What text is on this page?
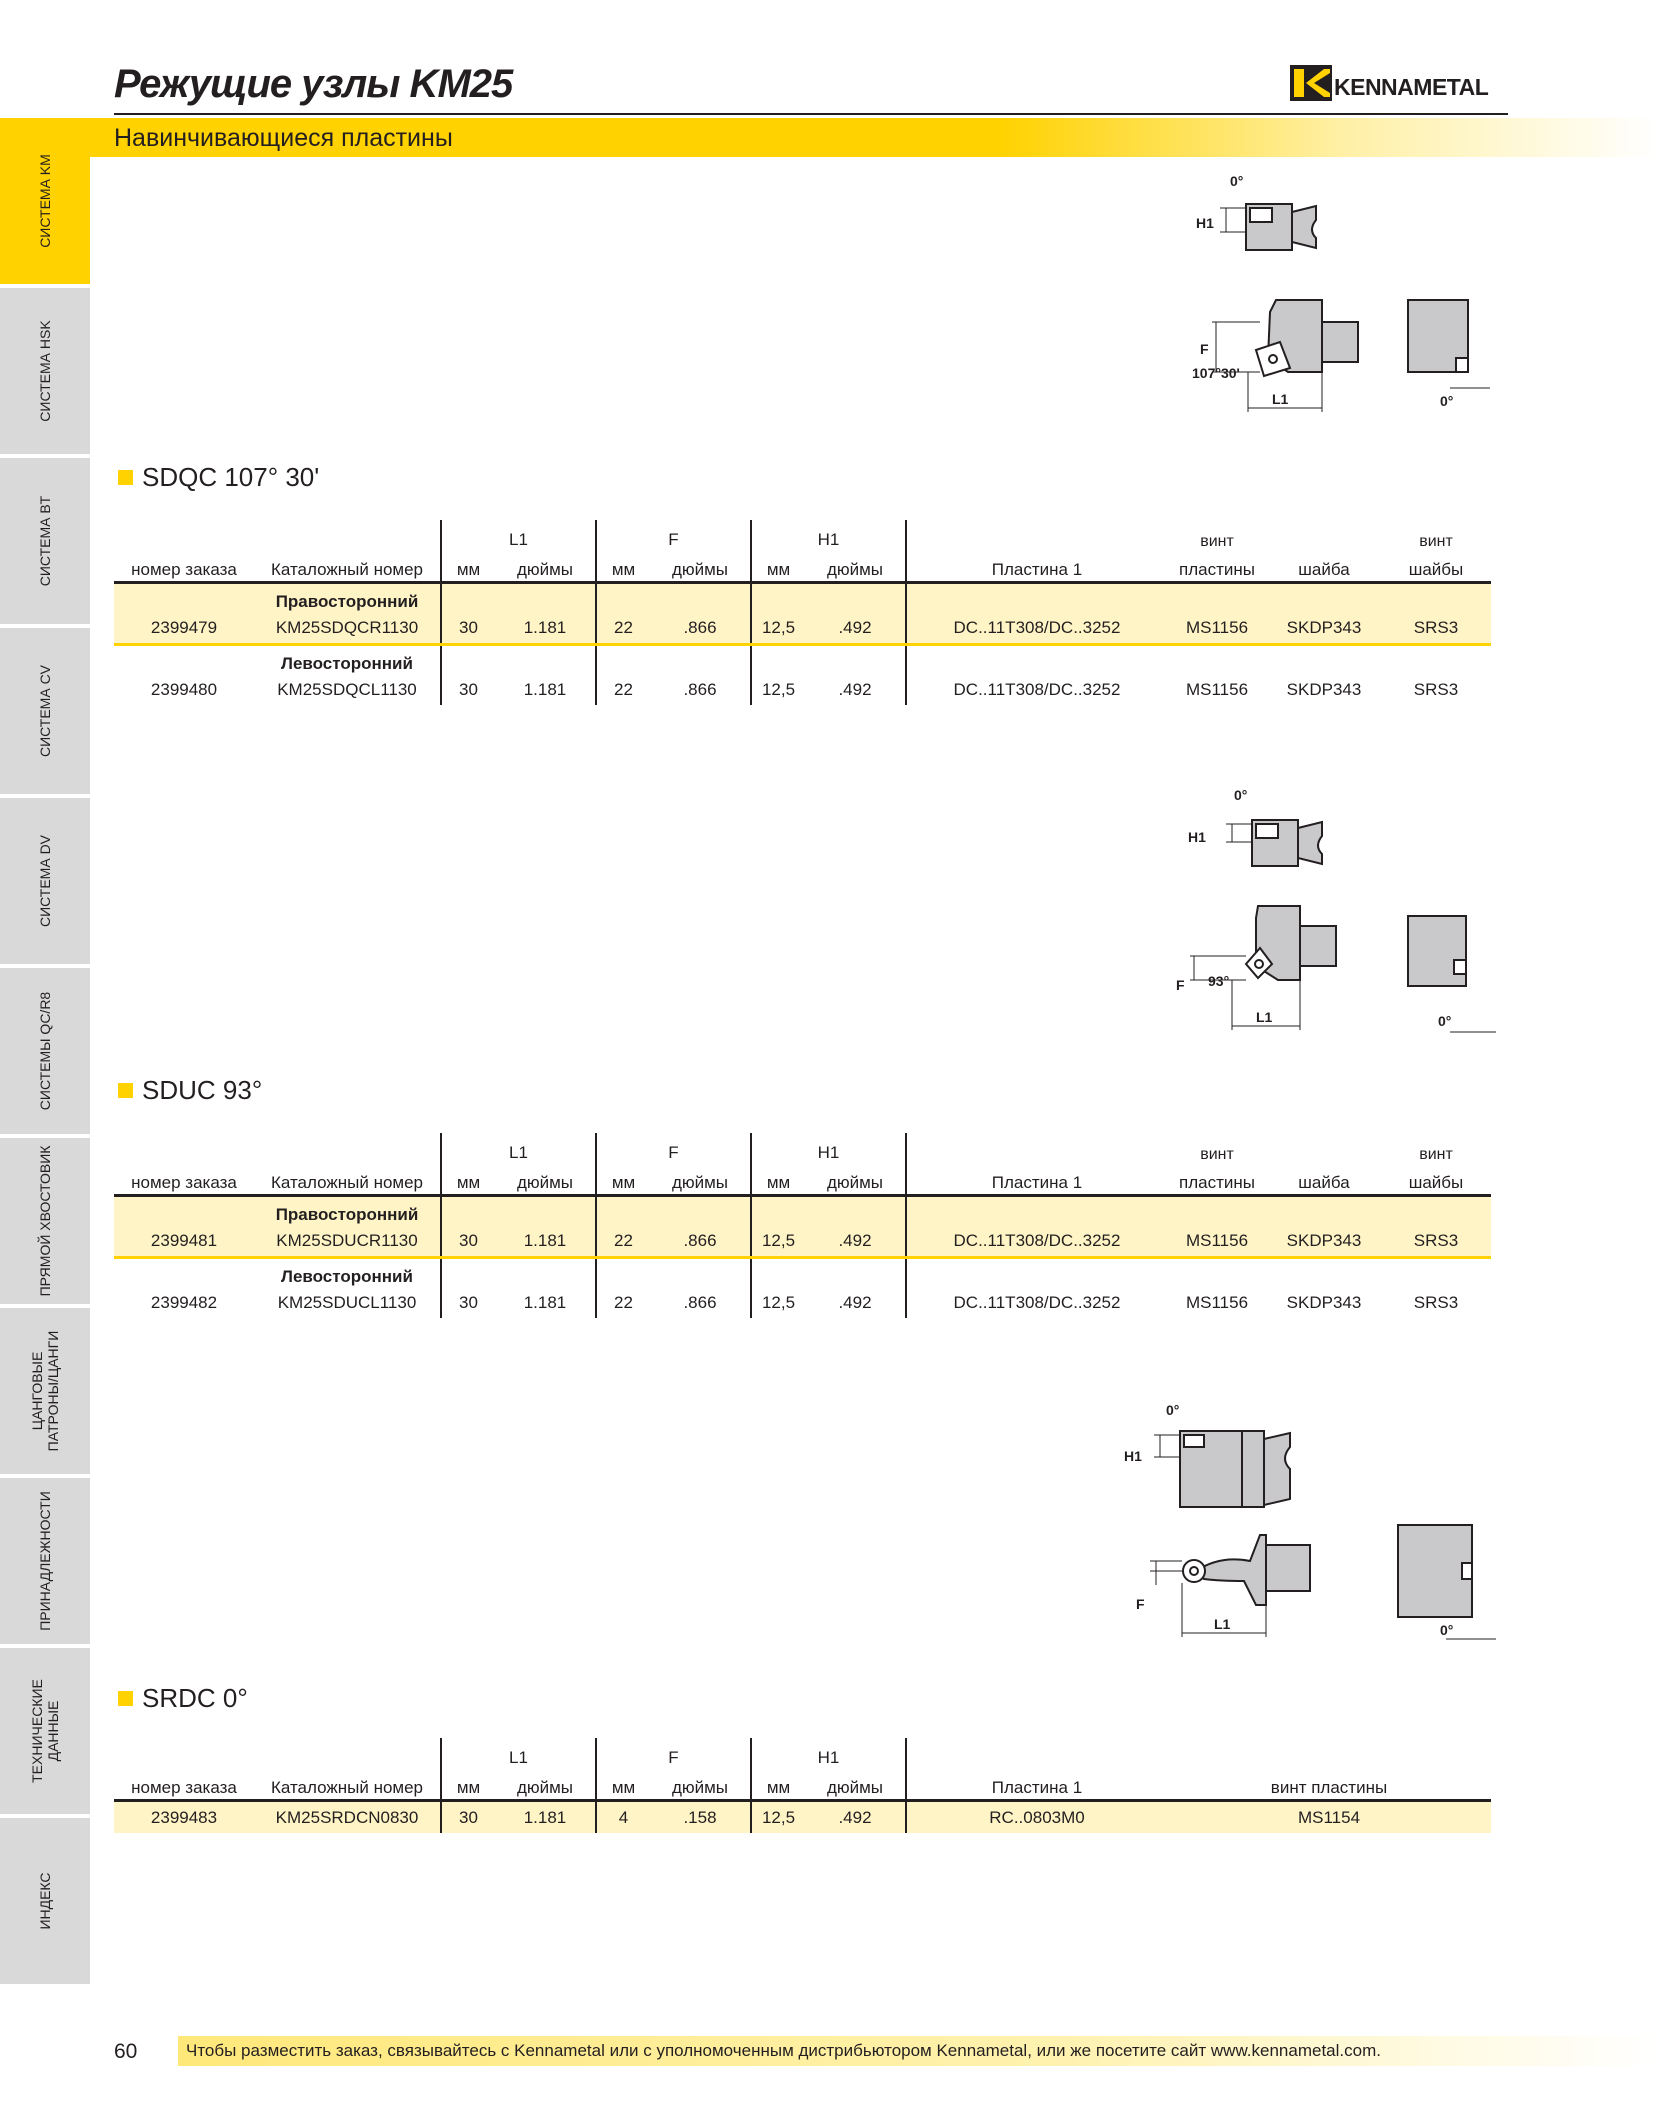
Режущие узлы KM25	KENNAMETAL
Навинчивающиеся пластины
СИСТЕМА KM
СИСТЕМА HSK
СИСТЕМА BT
СИСТЕМА CV
СИСТЕМА DV
СИСТЕМЫ QC/R8
ПРЯМОЙ ХВОСТОВИК
ЦАНГОВЫЕ
ПАТРОНЫ/ЦАНГИ
ПРИНАДЛЕЖНОСТИ
ТЕХНИЧЕСКИЕ
ДАННЫЕ
ИНДЕКС
0°
H1
F
107°30'
L1	0°
SDQC 107° 30'
		L1		F		H1			винт		винт
номер заказа	Каталожный номер	мм	дюймы	мм	дюймы	мм	дюймы	Пластина 1	пластины	шайба	шайбы
	Правосторонний										
2399479	KM25SDQCR1130	30	1.181	22	.866	12,5	.492	DC..11T308/DC..3252	MS1156	SKDP343	SRS3
	Левосторонний										
2399480	KM25SDQCL1130	30	1.181	22	.866	12,5	.492	DC..11T308/DC..3252	MS1156	SKDP343	SRS3
0°
H1
F 93°
L1	0°
SDUC 93°
		L1		F		H1			винт		винт
номер заказа	Каталожный номер	мм	дюймы	мм	дюймы	мм	дюймы	Пластина 1	пластины	шайба	шайбы
	Правосторонний										
2399481	KM25SDUCR1130	30	1.181	22	.866	12,5	.492	DC..11T308/DC..3252	MS1156	SKDP343	SRS3
	Левосторонний										
2399482	KM25SDUCL1130	30	1.181	22	.866	12,5	.492	DC..11T308/DC..3252	MS1156	SKDP343	SRS3
0°
H1
F
L1	0°
SRDC 0°
		L1		F		H1			
номер заказа	Каталожный номер	мм	дюймы	мм	дюймы	мм	дюймы	Пластина 1	винт пластины
2399483	KM25SRDCN0830	30	1.181	4	.158	12,5	.492	RC..0803M0	MS1154
60	Чтобы разместить заказ, связывайтесь с Kennametal или с уполномоченным дистрибьютором Kennametal, или же посетите сайт www.kennametal.com.
